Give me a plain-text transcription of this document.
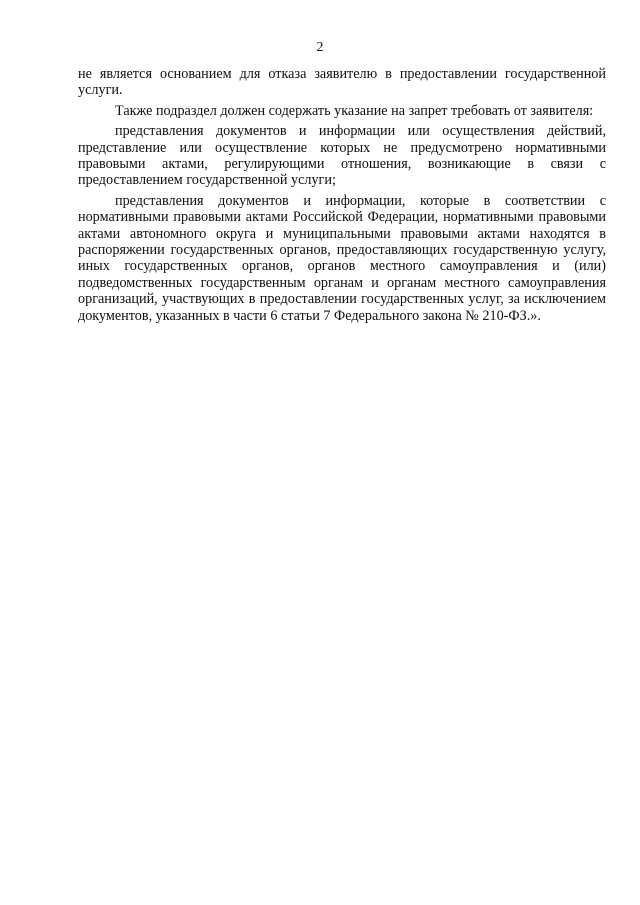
2

не является основанием для отказа заявителю в предоставлении государственной услуги.

Также подраздел должен содержать указание на запрет требовать от заявителя:

представления документов и информации или осуществления действий, представление или осуществление которых не предусмотрено нормативными правовыми актами, регулирующими отношения, возникающие в связи с предоставлением государственной услуги;

представления документов и информации, которые в соответствии с нормативными правовыми актами Российской Федерации, нормативными правовыми актами автономного округа и муниципальными правовыми актами находятся в распоряжении государственных органов, предоставляющих государственную услугу, иных государственных органов, органов местного самоуправления и (или) подведомственных государственным органам и органам местного самоуправления организаций, участвующих в предоставлении государственных услуг, за исключением документов, указанных в части 6 статьи 7 Федерального закона № 210-ФЗ.».
